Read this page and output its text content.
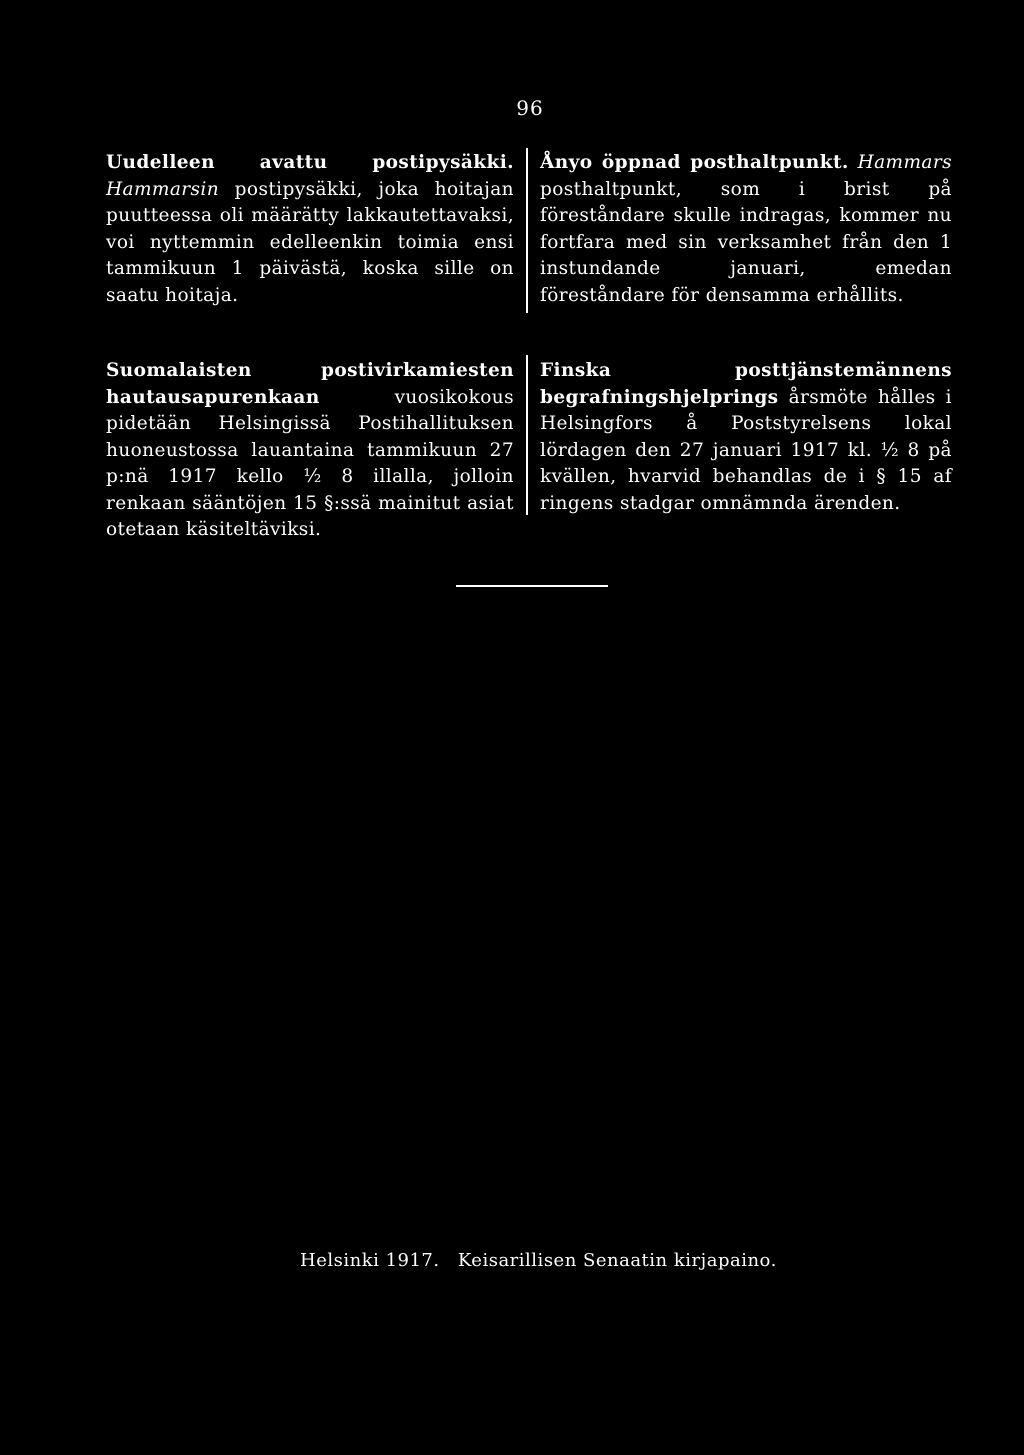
96
Uudelleen avattu postipysäkki. Hammarsin postipysäkki, joka hoitajan puutteessa oli määrätty lakkautettavaksi, voi nyttemmin edelleenkin toimia ensi tammikuun 1 päivästä, koska sille on saatu hoitaja.
Ånyo öppnad posthaltpunkt. Hammars posthaltpunkt, som i brist på föreståndare skulle indragas, kommer nu fortfara med sin verksamhet från den 1 instundande januari, emedan föreståndare för densamma erhållits.
Suomalaisten postivirkamiesten hautausapurenkaan	vuosikokous pidetään Helsingissä Postihallituksen huoneustossa lauantaina tammikuun 27 p:nä 1917 kello ½ 8 illalla, jolloin renkaan sääntöjen 15 §:ssä mainitut asiat otetaan käsiteltäviksi.
Finska posttjänstemännens begrafningshjelprings årsmöte hålles i Helsingfors å Poststyrelsens lokal lördagen den 27 januari 1917 kl. ½ 8 på kvällen, hvarvid behandlas de i § 15 af ringens stadgar omnämnda ärenden.
Helsinki 1917. Keisarillisen Senaatin kirjapaino.
